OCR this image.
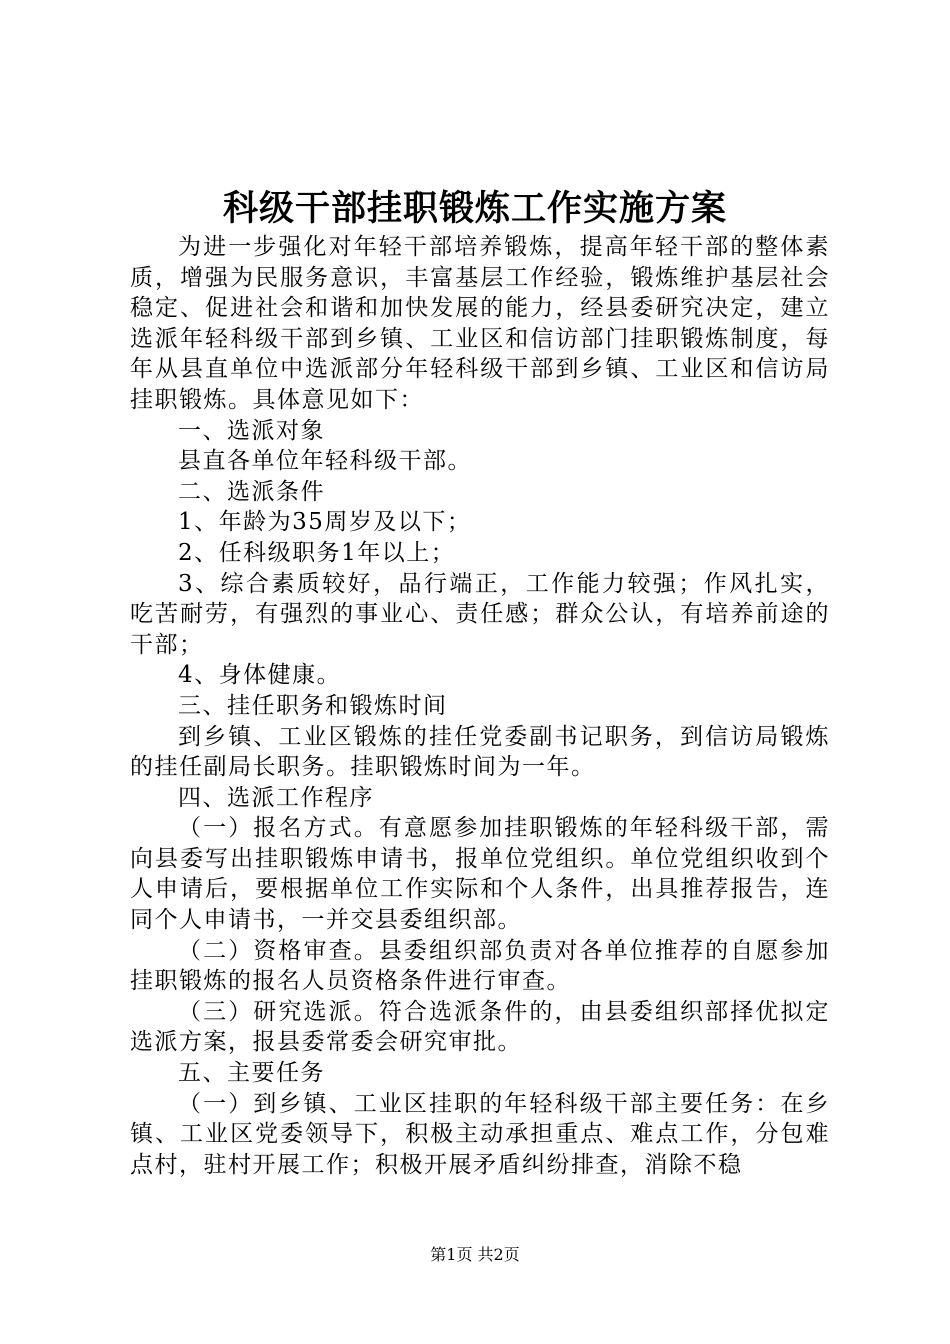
科级干部挂职锻炼工作实施方案

为进一步强化对年轻干部培养锻炼，提高年轻干部的整体素质，增强为民服务意识，丰富基层工作经验，锻炼维护基层社会稳定、促进社会和谐和加快发展的能力，经县委研究决定，建立选派年轻科级干部到乡镇、工业区和信访部门挂职锻炼制度，每年从县直单位中选派部分年轻科级干部到乡镇、工业区和信访局挂职锻炼。具体意见如下：

一、选派对象

县直各单位年轻科级干部。

二、选派条件

1、年龄为35周岁及以下；

2、任科级职务1年以上；

3、综合素质较好，品行端正，工作能力较强；作风扎实，吃苦耐劳，有强烈的事业心、责任感；群众公认，有培养前途的干部；

4、身体健康。

三、挂任职务和锻炼时间

到乡镇、工业区锻炼的挂任党委副书记职务，到信访局锻炼的挂任副局长职务。挂职锻炼时间为一年。

四、选派工作程序

（一）报名方式。有意愿参加挂职锻炼的年轻科级干部，需向县委写出挂职锻炼申请书，报单位党组织。单位党组织收到个人申请后，要根据单位工作实际和个人条件，出具推荐报告，连同个人申请书，一并交县委组织部。

（二）资格审查。县委组织部负责对各单位推荐的自愿参加挂职锻炼的报名人员资格条件进行审查。

（三）研究选派。符合选派条件的，由县委组织部择优拟定选派方案，报县委常委会研究审批。

五、主要任务

（一）到乡镇、工业区挂职的年轻科级干部主要任务：在乡镇、工业区党委领导下，积极主动承担重点、难点工作，分包难点村，驻村开展工作；积极开展矛盾纠纷排查，消除不稳

第1页 共2页
